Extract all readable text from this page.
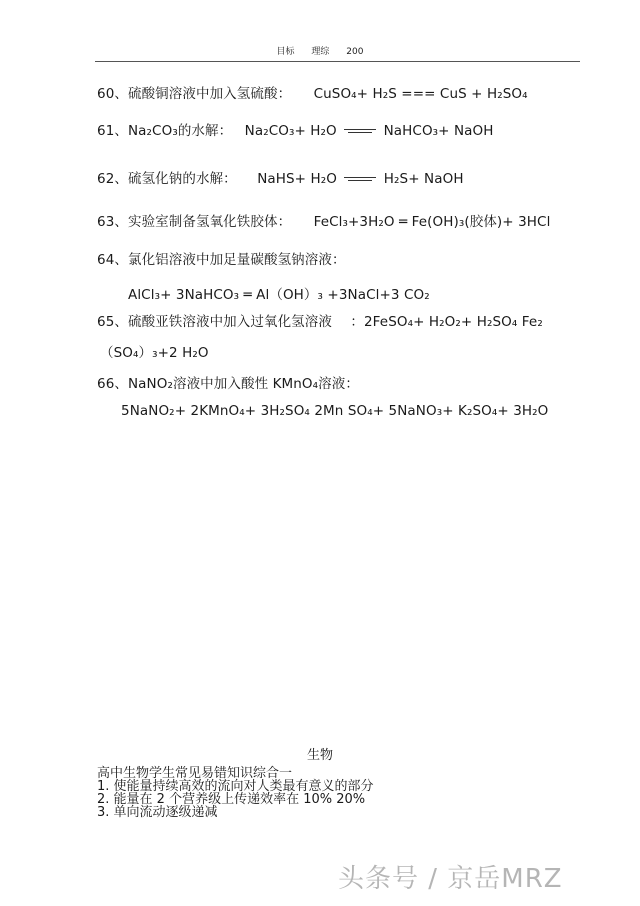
目标 理综 200
60、硫酸铜溶液中加入氢硫酸： CuSO₄+ H₂S === CuS + H₂SO₄
61、Na₂CO₃的水解： Na₂CO₃+ H₂O	NaHCO₃+ NaOH
62、硫氢化钠的水解： NaHS+ H₂O	H₂S+ NaOH
63、实验室制备氢氧化铁胶体： FeCl₃+3H₂O ═ Fe(OH)₃(胶体)+ 3HCl
64、氯化铝溶液中加足量碳酸氢钠溶液：
AlCl₃+ 3NaHCO₃ ═ Al（OH）₃ +3NaCl+3 CO₂
65、硫酸亚铁溶液中加入过氧化氢溶液 ：2FeSO₄+ H₂O₂+ H₂SO₄ Fe₂
（SO₄）₃+2 H₂O
66、NaNO₂溶液中加入酸性 KMnO₄溶液：
5NaNO₂+ 2KMnO₄+ 3H₂SO₄ 2Mn SO₄+ 5NaNO₃+ K₂SO₄+ 3H₂O
生物
高中生物学生常见易错知识综合一
1. 使能量持续高效的流向对人类最有意义的部分
2. 能量在 2 个营养级上传递效率在 10% 20%
3. 单向流动逐级递减
头条号 / 京岳MRZ
